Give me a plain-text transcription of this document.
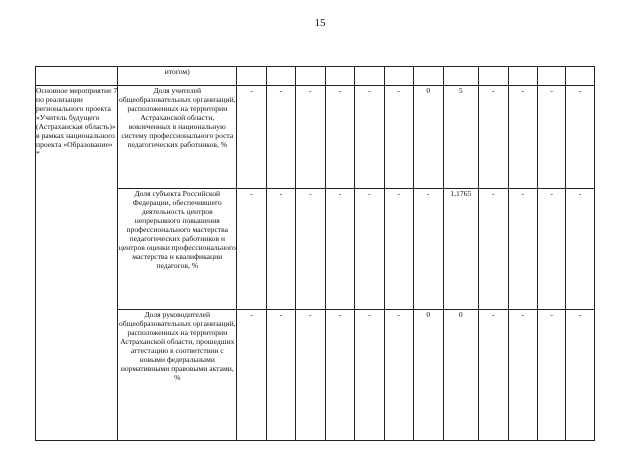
15
	итогом)												
Основное мероприятие 7 по реализации регионального проекта «Учитель будущего (Астраханская область)» в рамках национального проекта «Образование» *	Доля учителей общеобразовательных организаций, расположенных на территории Астраханской области, вовлеченных в национальную систему профессионального роста педагогических работников, %	-	-	-	-	-	-	0	5	-	-	-	-
	Доля субъекта Российской Федерации, обеспечившего деятельность центров непрерывного повышения профессионального мастерства педагогических работников и центров оценки профессионального мастерства и квалификации педагогов, %	-	-	-	-	-	-	-	1,1765	-	-	-	-
	Доля руководителей общеобразовательных организаций, расположенных на территории Астраханской области, прошедших аттестацию в соответствии с новыми федеральными нормативными правовыми актами, %	-	-	-	-	-	-	0	0	-	-	-	-
